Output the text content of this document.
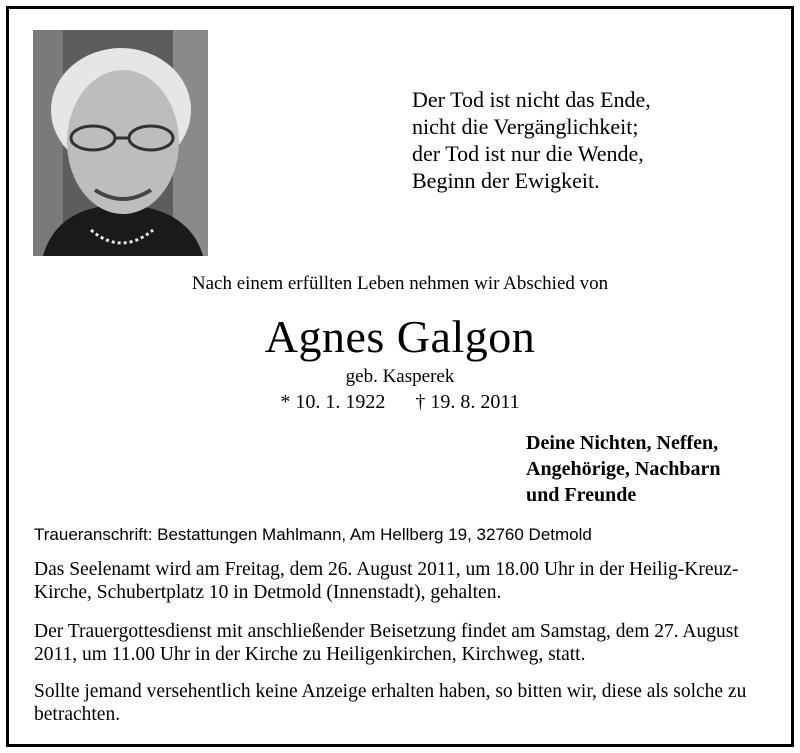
Der Tod ist nicht das Ende,
nicht die Vergänglichkeit;
der Tod ist nur die Wende,
Beginn der Ewigkeit.
Nach einem erfüllten Leben nehmen wir Abschied von
Agnes Galgon
geb. Kasperek
* 10. 1. 1922 † 19. 8. 2011
Deine Nichten, Neffen,
Angehörige, Nachbarn
und Freunde
Traueranschrift: Bestattungen Mahlmann, Am Hellberg 19, 32760 Detmold
Das Seelenamt wird am Freitag, dem 26. August 2011, um 18.00 Uhr in der Heilig-Kreuz-Kirche, Schubertplatz 10 in Detmold (Innenstadt), gehalten.
Der Trauergottesdienst mit anschließender Beisetzung findet am Samstag, dem 27. August 2011, um 11.00 Uhr in der Kirche zu Heiligenkirchen, Kirchweg, statt.
Sollte jemand versehentlich keine Anzeige erhalten haben, so bitten wir, diese als solche zu betrachten.
